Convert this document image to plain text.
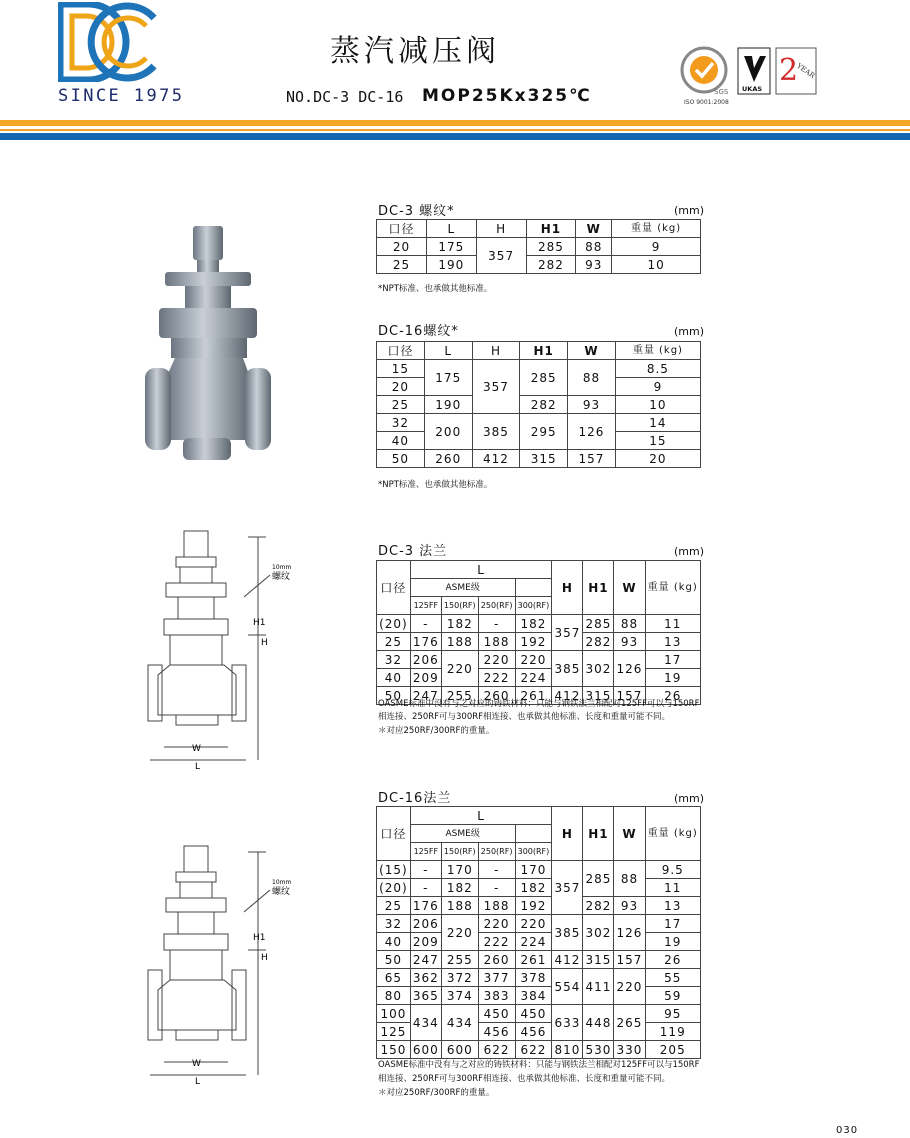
SINCE 1975
蒸汽减压阀
NO.DC-3 DC-16 MOP25Kx325℃	SGS
ISO 9001:2008
UKAS
2
YEAR
10mm
螺纹
H1
H
W
L
10mm
螺纹
H1
H
W
L
DC-3 螺纹*	(mm)
口径	L	H	H1	W	重量 (kg)
20	175	357	285	88	9
25	190		282	93	10
*NPT标准、也承做其他标准。
DC-16螺纹*	(mm)
口径	L	H	H1	W	重量 (kg)
15	175	357	285	88	8.5
20					9
25	190		282	93	10
32	200	385	295	126	14
40					15
50	260	412	315	157	20
*NPT标准、也承做其他标准。
DC-3 法兰	(mm)
口径	L				H	H1	W	重量 (kg)
	ASME级							
	125FF	150(RF)	250(RF)	300(RF)				
(20)	-	182	-	182	357	285	88	11
25	176	188	188	192		282	93	13
32	206	220	220	220	385	302	126	17
40	209		222	224				19
50	247	255	260	261	412	315	157	26
OASME标准中没有与之对应的铸铁材料：只能与钢铁法兰相配对125FF可以与150RF
相连接、250RF可与300RF相连接、也承做其他标准、长度和重量可能不同。
＊对应250RF/300RF的重量。
DC-16法兰	(mm)
口径	L				H	H1	W	重量 (kg)
	ASME级							
	125FF	150(RF)	250(RF)	300(RF)				
(15)	-	170	-	170	357	285	88	9.5
(20)	-	182	-	182				11
25	176	188	188	192		282	93	13
32	206	220	220	220	385	302	126	17
40	209		222	224				19
50	247	255	260	261	412	315	157	26
65	362	372	377	378	554	411	220	55
80	365	374	383	384				59
100	434	434	450	450	633	448	265	95
125			456	456				119
150	600	600	622	622	810	530	330	205
OASME标准中没有与之对应的铸铁材料：只能与钢铁法兰相配对125FF可以与150RF
相连接、250RF可与300RF相连接、也承做其他标准、长度和重量可能不同。
＊对应250RF/300RF的重量。
030
